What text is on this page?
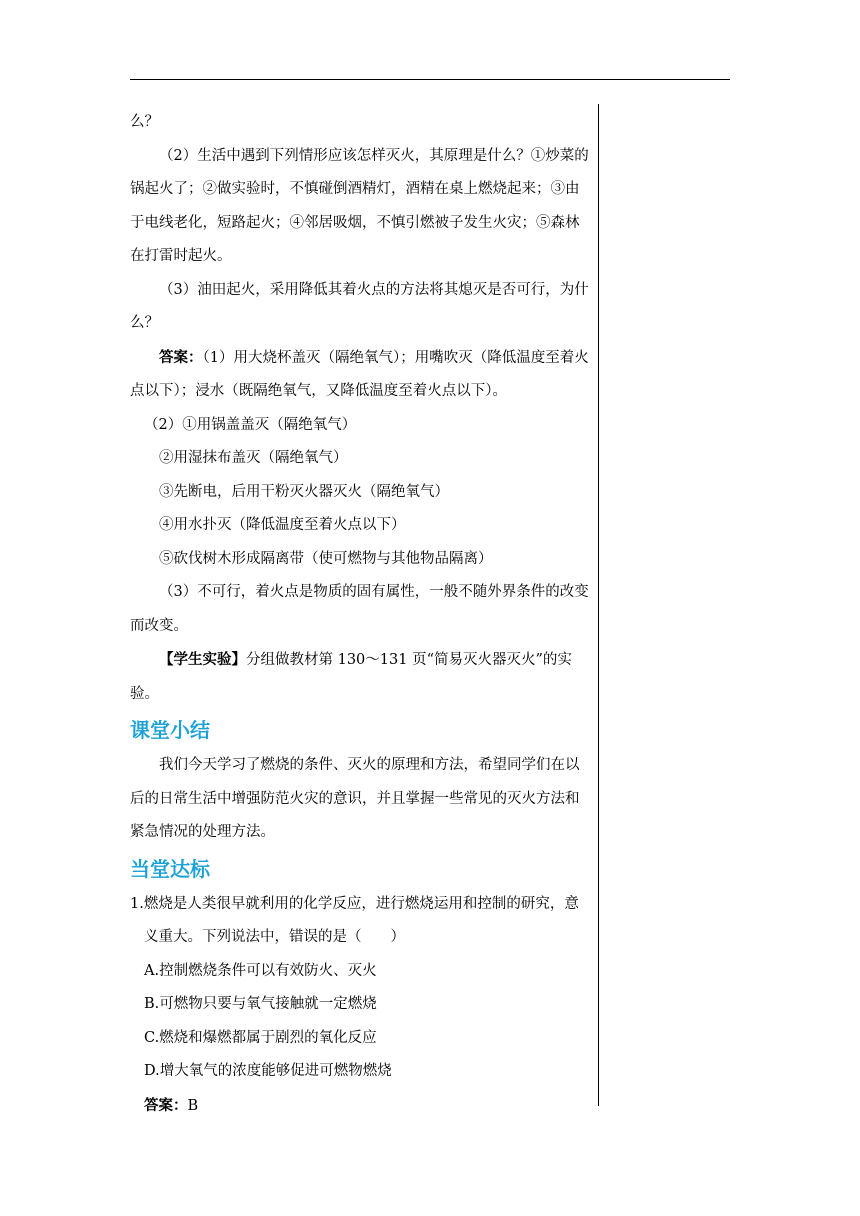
么？

（2）生活中遇到下列情形应该怎样灭火，其原理是什么？①炒菜的锅起火了；②做实验时，不慎碰倒酒精灯，酒精在桌上燃烧起来；③由于电线老化，短路起火；④邻居吸烟，不慎引燃被子发生火灾；⑤森林在打雷时起火。

（3）油田起火，采用降低其着火点的方法将其熄灭是否可行，为什么？

答案：（1）用大烧杯盖灭（隔绝氧气）；用嘴吹灭（降低温度至着火点以下）；浸水（既隔绝氧气，又降低温度至着火点以下）。

（2）①用锅盖盖灭（隔绝氧气）

②用湿抹布盖灭（隔绝氧气）

③先断电，后用干粉灭火器灭火（隔绝氧气）

④用水扑灭（降低温度至着火点以下）

⑤砍伐树木形成隔离带（使可燃物与其他物品隔离）

（3）不可行，着火点是物质的固有属性，一般不随外界条件的改变而改变。

【学生实验】分组做教材第 130～131 页“简易灭火器灭火”的实验。

课堂小结

我们今天学习了燃烧的条件、灭火的原理和方法，希望同学们在以后的日常生活中增强防范火灾的意识，并且掌握一些常见的灭火方法和紧急情况的处理方法。

当堂达标

1.燃烧是人类很早就利用的化学反应，进行燃烧运用和控制的研究，意义重大。下列说法中，错误的是（　　）

A.控制燃烧条件可以有效防火、灭火

B.可燃物只要与氧气接触就一定燃烧

C.燃烧和爆燃都属于剧烈的氧化反应

D.增大氧气的浓度能够促进可燃物燃烧

答案：B
